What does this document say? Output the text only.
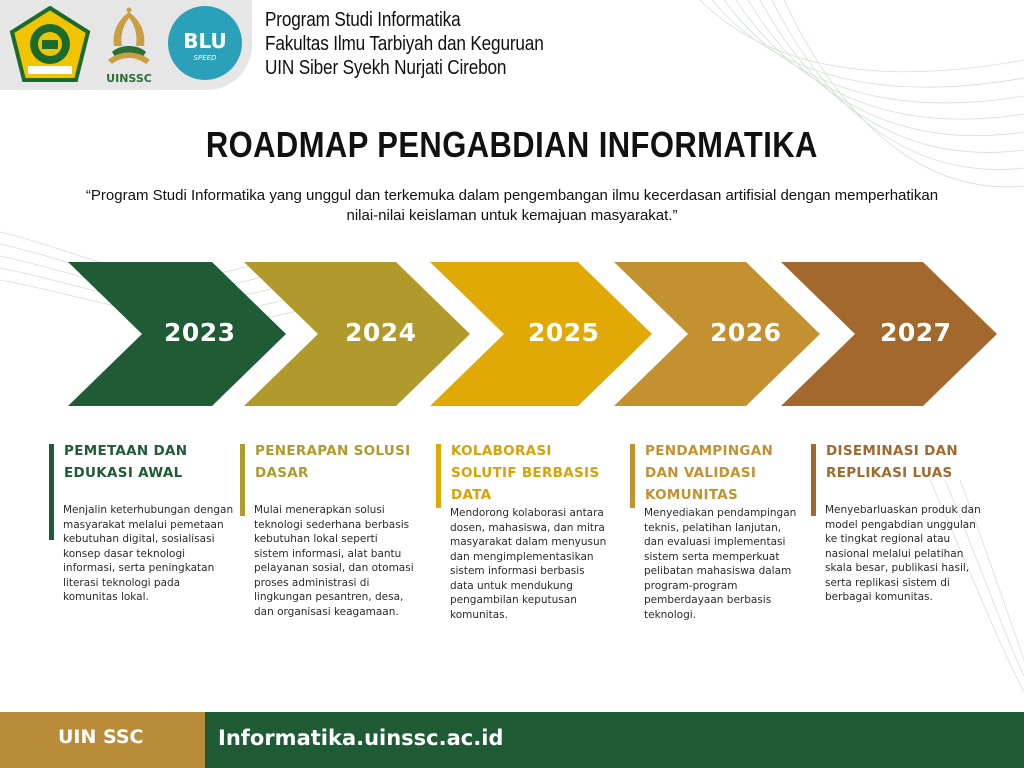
UINSSC
BLU
SPEED
Program Studi Informatika
Fakultas Ilmu Tarbiyah dan Keguruan
UIN Siber Syekh Nurjati Cirebon
ROADMAP PENGABDIAN INFORMATIKA
“Program Studi Informatika yang unggul dan terkemuka dalam pengembangan ilmu kecerdasan artifisial dengan memperhatikan nilai-nilai keislaman untuk kemajuan masyarakat.”
2023	2024	2025	2026	2027
PEMETAAN DAN EDUKASI AWAL
Menjalin keterhubungan dengan masyarakat melalui pemetaan kebutuhan digital, sosialisasi konsep dasar teknologi informasi, serta peningkatan literasi teknologi pada komunitas lokal.
PENERAPAN SOLUSI DASAR
Mulai menerapkan solusi teknologi sederhana berbasis kebutuhan lokal seperti sistem informasi, alat bantu pelayanan sosial, dan otomasi proses administrasi di lingkungan pesantren, desa, dan organisasi keagamaan.
KOLABORASI SOLUTIF BERBASIS DATA
Mendorong kolaborasi antara dosen, mahasiswa, dan mitra masyarakat dalam menyusun dan mengimplementasikan sistem informasi berbasis data untuk mendukung pengambilan keputusan komunitas.
PENDAMPINGAN DAN VALIDASI KOMUNITAS
Menyediakan pendampingan teknis, pelatihan lanjutan, dan evaluasi implementasi sistem serta memperkuat pelibatan mahasiswa dalam program-program pemberdayaan berbasis teknologi.
DISEMINASI DAN REPLIKASI LUAS
Menyebarluaskan produk dan model pengabdian unggulan ke tingkat regional atau nasional melalui pelatihan skala besar, publikasi hasil, serta replikasi sistem di berbagai komunitas.
UIN SSC	Informatika.uinssc.ac.id
